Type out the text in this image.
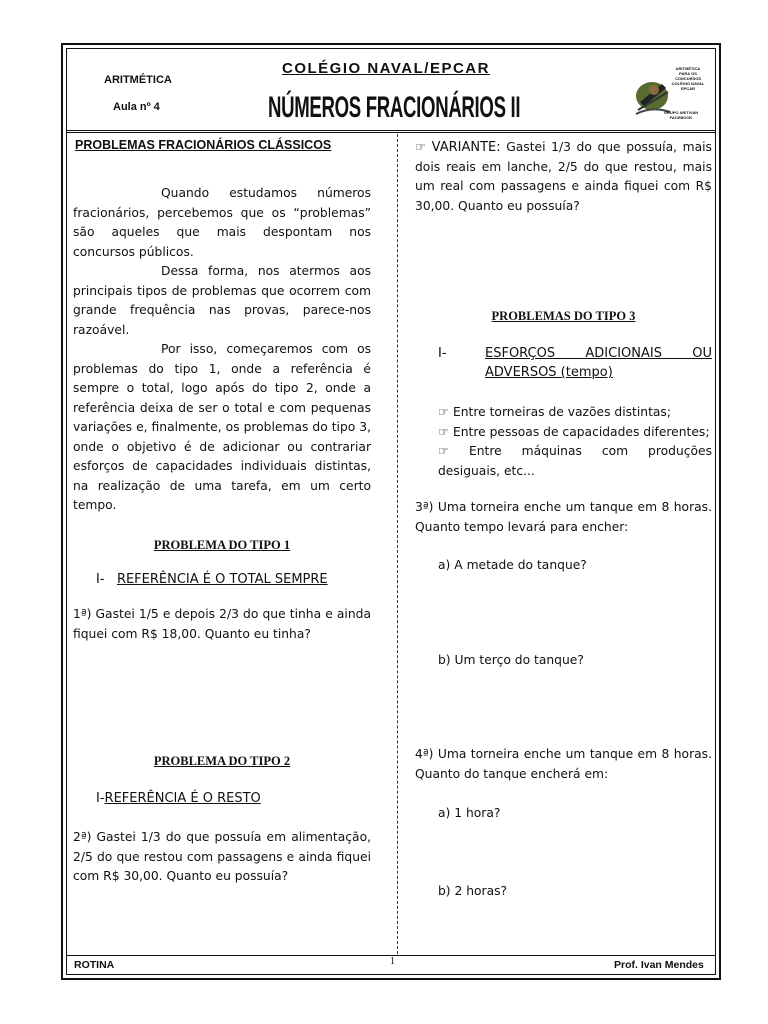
ARITMÉTICA
Aula nº 4
COLÉGIO NAVAL/EPCAR
NÚMEROS FRACIONÁRIOS II
ARITMÉTICA
PARA OS
CONCURSOS
COLÉGIO NAVAL
EPCAR
GRUPO ARITIVAN
FACEBOOK
PROBLEMAS FRACIONÁRIOS CLÁSSICOS
Quando estudamos números fracionários, percebemos que os “problemas” são aqueles que mais despontam nos concursos públicos.
Dessa forma, nos atermos aos principais tipos de problemas que ocorrem com grande frequência nas provas, parece-nos razoável.
Por isso, começaremos com os problemas do tipo 1, onde a referência é sempre o total, logo após do tipo 2, onde a referência deixa de ser o total e com pequenas variações e, finalmente, os problemas do tipo 3, onde o objetivo é de adicionar ou contrariar esforços de capacidades individuais distintas, na realização de uma tarefa, em um certo tempo.
PROBLEMA DO TIPO 1
I- REFERÊNCIA É O TOTAL SEMPRE
1ª) Gastei 1/5 e depois 2/3 do que tinha e ainda fiquei com R$ 18,00. Quanto eu tinha?
PROBLEMA DO TIPO 2
I-REFERÊNCIA É O RESTO
2ª) Gastei 1/3 do que possuía em alimentação, 2/5 do que restou com passagens e ainda fiquei com R$ 30,00. Quanto eu possuía?
☞ VARIANTE: Gastei 1/3 do que possuía, mais dois reais em lanche, 2/5 do que restou, mais um real com passagens e ainda fiquei com R$ 30,00. Quanto eu possuía?
PROBLEMAS DO TIPO 3
I-	ESFORÇOS ADICIONAIS OU ADVERSOS (tempo)
☞ Entre torneiras de vazões distintas;
☞ Entre pessoas de capacidades diferentes;
☞ Entre máquinas com produções desiguais, etc...
3ª) Uma torneira enche um tanque em 8 horas. Quanto tempo levará para encher:
a) A metade do tanque?
b) Um terço do tanque?
4ª) Uma torneira enche um tanque em 8 horas. Quanto do tanque encherá em:
a) 1 hora?
b) 2 horas?
ROTINA	1	Prof. Ivan Mendes
